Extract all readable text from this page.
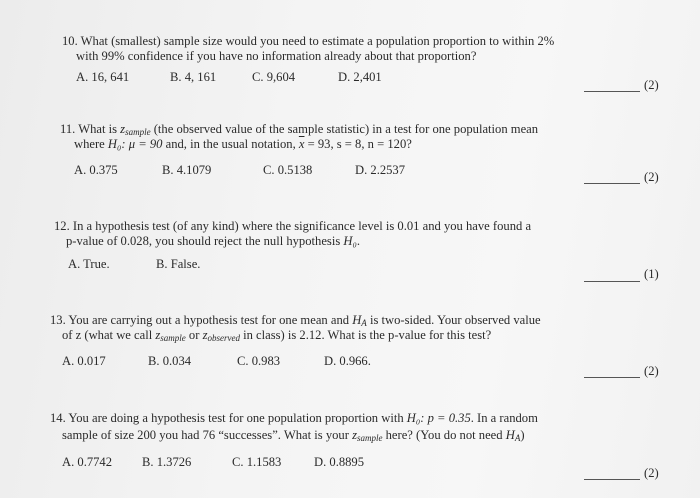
10. What (smallest) sample size would you need to estimate a population proportion to within 2%
with 99% confidence if you have no information already about that proportion?
A. 16, 641	B. 4, 161	C. 9,604	D. 2,401
(2)
11. What is $z_{sample}$ (the observed value of the sample statistic) in a test for one population mean
where H₀: μ = 90 and, in the usual notation, $\overline{x} = 93$, s = 8, n = 120?
A. 0.375	B. 4.1079	C. 0.5138	D. 2.2537	(2)
12. In a hypothesis test (of any kind) where the significance level is 0.01 and you have found a
p-value of 0.028, you should reject the null hypothesis H₀.
A. True.	B. False.
(1)
13. You are carrying out a hypothesis test for one mean and $H_A$ is two-sided. Your observed value
of z (what we call $z_{sample}$ or $z_{observed}$ in class) is 2.12. What is the p-value for this test?
A. 0.017	B. 0.034	C. 0.983	D. 0.966.
(2)
14. You are doing a hypothesis test for one population proportion with H₀: p = 0.35. In a random
sample of size 200 you had 76 “successes”. What is your $z_{sample}$ here? (You do not need $H_A$)
A. 0.7742 B. 1.3726	C. 1.1583	D. 0.8895
(2)
